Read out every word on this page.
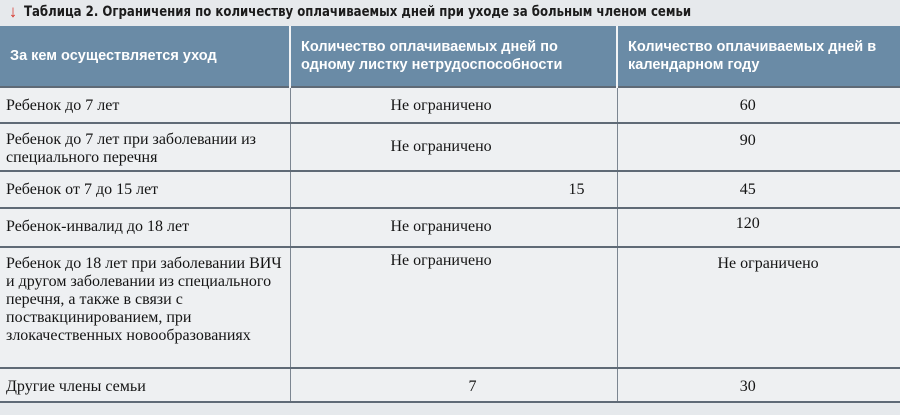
↓ Таблица 2. Ограничения по количеству оплачиваемых дней при уходе за больным членом семьи
За кем осуществляется уход	Количество оплачиваемых дней по одному листку нетрудоспособности	Количество оплачиваемых дней в календарном году
Ребенок до 7 лет	Не ограничено	60
Ребенок до 7 лет при заболевании из специального перечня	Не ограничено	90
Ребенок от 7 до 15 лет	15	45
Ребенок-инвалид до 18 лет	Не ограничено	120
Ребенок до 18 лет при заболевании ВИЧ и другом заболевании из специального перечня, а также в связи с поствакцинированием, при злокачественных новообразованиях	Не ограничено	Не ограничено
Другие члены семьи	7	30
